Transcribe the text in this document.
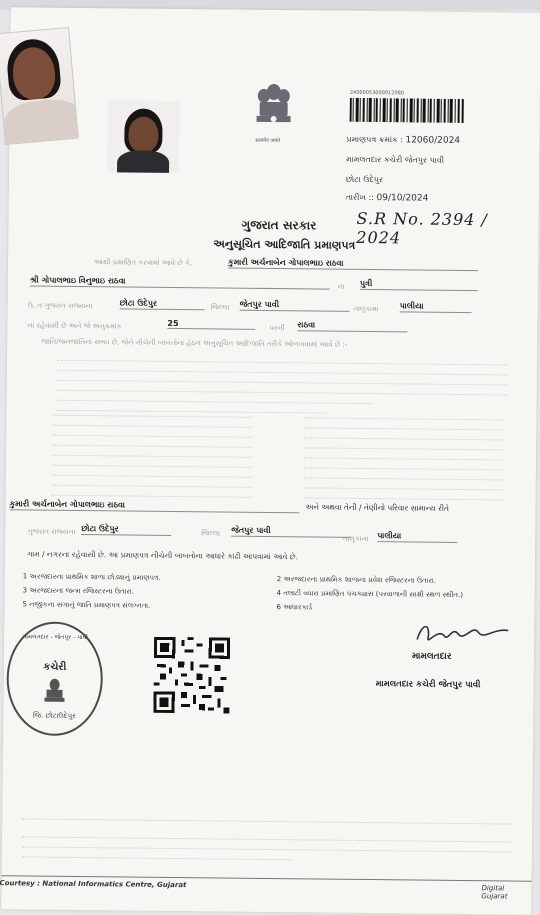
24000053000012080
सत्यमेव जयते	પ્રમાણપત્ર ક્રમાંક : 12060/2024
મામલતદાર કચેરી જેતપુર પાવી
છોટા ઉદેપુર
તારીખ :: 09/10/2024
S.R No. 2394 / 2024
ગુજરાત સરકાર
અનુસૂચિત આદિજાતિ પ્રમાણપત્ર
આથી પ્રમાણિત કરવામાં આવે છે કે,	કુમારી અર્ચનાબેન ગોપાલભાઇ રાઠવા
શ્રી ગોપાલભાઇ વિનુભાઇ રાઠવા
ના પુત્રી
ઉ. ત ગુજરાત રાજ્યના	છોટા ઉદેપુર	જિલ્લા જેતપુર પાવી	તાલુકામાં	પાલીયા
ના રહેવાસી છે અને જે અનુક્રમાંક	25
પરની રાઠવા
જાતિ/જનજાતિના સભ્ય છે, જેને નીચેની બાબતોના હેઠળ અનુસૂચિત આદિજાતિ તરીકે ઓળખવામાં આવે છે :-
કુમારી અર્ચનાબેન ગોપાલભાઇ રાઠવા	અને અથવા તેની / તેણીનો પરિવાર સામાન્ય રીતે
ગુજરાત રાજ્યના છોટા ઉદેપુર	જિલ્લા જેતપુર પાવી
તાલુકાના પાલીયા
ગામ / નગરના રહેવાસી છે. આ પ્રમાણપત્ર નીચેની બાબતોના આધારે કાઢી આપવામાં આવે છે.
1 અરજદારના પ્રાથમિક શાળા છોડ્યાનું પ્રમાણપત્ર.
3 અરજદારના જન્મ રજિસ્ટરના ઉતારા.
5 નજીકના સગાનું જાતિ પ્રમાણપત્ર સંલગ્નતા.
2 અરજદારના પ્રાથમિક શાળાના પ્રવેશ રજિસ્ટરના ઉતારા.
4 તલાટી વ્યારા પ્રમાણિત પંચક્યાસ (પરવાળાની સાક્ષી સ્થળ સ્થીત.)
6 આધારકાર્ડ
મામલતદાર - જેતપુર - પાવી
કચેરી
જિ. છોટાઉદેપુર
મામલતદાર
મામલતદાર કચેરી જેતપુર પાવી
Courtesy : National Informatics Centre, Gujarat	Digital Gujarat
